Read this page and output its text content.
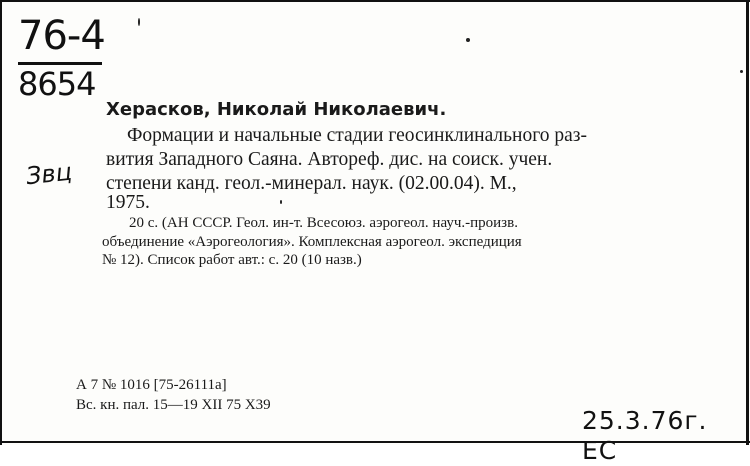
76-4
8654
Звц
Херасков, Николай Николаевич.
Формации и начальные стадии геосинклинального раз-
вития Западного Саяна. Автореф. дис. на соиск. учен.
степени канд. геол.-минерал. наук. (02.00.04). М.,
1975.
20 с. (АН СССР. Геол. ин-т. Всесоюз. аэрогеол. науч.-произв.
объединение «Аэрогеология». Комплексная аэрогеол. экспедиция
№ 12). Список работ авт.: с. 20 (10 назв.)
А 7 № 1016 [75-26111а]
Вс. кн. пал. 15—19 XII 75 Х39
25.3.76г. ЕС
